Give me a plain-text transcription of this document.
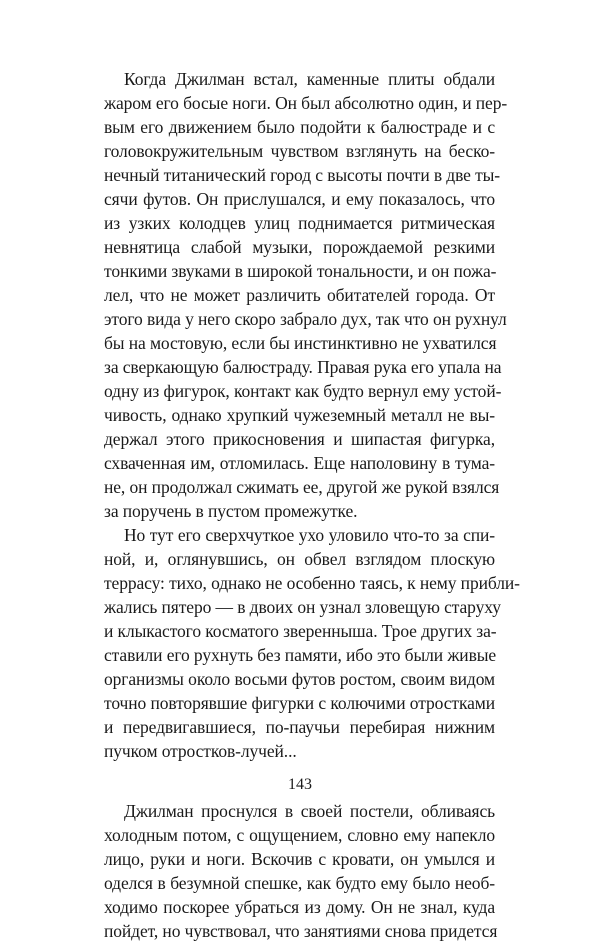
Когда Джилман встал, каменные плиты обдали
жаром его босые ноги. Он был абсолютно один, и пер-
вым его движением было подойти к балюстраде и с
головокружительным чувством взглянуть на беско-
нечный титанический город с высоты почти в две ты-
сячи футов. Он прислушался, и ему показалось, что
из узких колодцев улиц поднимается ритмическая
невнятица слабой музыки, порождаемой резкими
тонкими звуками в широкой тональности, и он пожа-
лел, что не может различить обитателей города. От
этого вида у него скоро забрало дух, так что он рухнул
бы на мостовую, если бы инстинктивно не ухватился
за сверкающую балюстраду. Правая рука его упала на
одну из фигурок, контакт как будто вернул ему устой-
чивость, однако хрупкий чужеземный металл не вы-
держал этого прикосновения и шипастая фигурка,
схваченная им, отломилась. Еще наполовину в тума-
не, он продолжал сжимать ее, другой же рукой взялся
за поручень в пустом промежутке.
Но тут его сверхчуткое ухо уловило что-то за спи-
ной, и, оглянувшись, он обвел взглядом плоскую
террасу: тихо, однако не особенно таясь, к нему прибли-
жались пятеро — в двоих он узнал зловещую старуху
и клыкастого косматого зверенныша. Трое других за-
ставили его рухнуть без памяти, ибо это были живые
организмы около восьми футов ростом, своим видом
точно повторявшие фигурки с колючими отростками
и передвигавшиеся, по-паучьи перебирая нижним
пучком отростков-лучей...
Джилман проснулся в своей постели, обливаясь
холодным потом, с ощущением, словно ему напекло
лицо, руки и ноги. Вскочив с кровати, он умылся и
оделся в безумной спешке, как будто ему было необ-
ходимо поскорее убраться из дому. Он не знал, куда
пойдет, но чувствовал, что занятиями снова придется
143
